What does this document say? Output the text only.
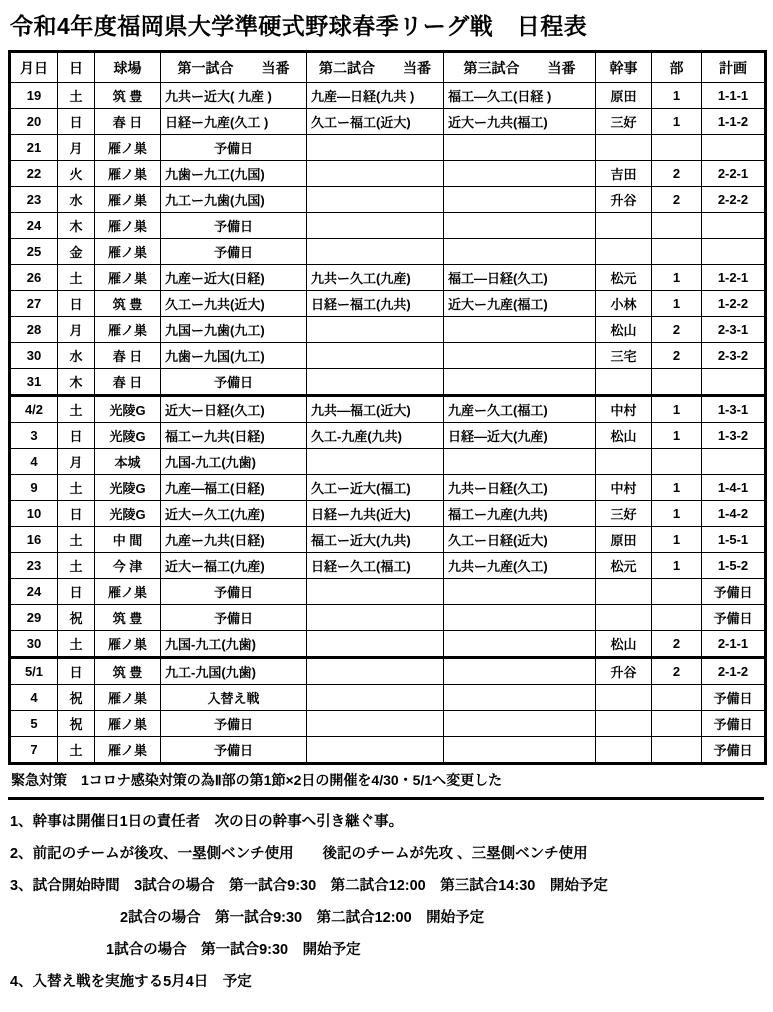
令和4年度福岡県大学準硬式野球春季リーグ戦　日程表
月日	日	球場	第一試合　　当番	第二試合　　当番	第三試合　　当番	幹事	部	計画
19	土	筑 豊	九共ー近大( 九産 )	九産—日経(九共 )	福工—久工(日経 )	原田	1	1-1-1
20	日	春 日	日経ー九産(久工 )	久工ー福工(近大)	近大ー九共(福工)	三好	1	1-1-2
21	月	雁ノ巣	予備日					
22	火	雁ノ巣	九歯ー九工(九国)			吉田	2	2-2-1
23	水	雁ノ巣	九工ー九歯(九国)			升谷	2	2-2-2
24	木	雁ノ巣	予備日					
25	金	雁ノ巣	予備日					
26	土	雁ノ巣	九産ー近大(日経)	九共ー久工(九産)	福工—日経(久工)	松元	1	1-2-1
27	日	筑 豊	久工ー九共(近大)	日経ー福工(九共)	近大ー九産(福工)	小林	1	1-2-2
28	月	雁ノ巣	九国ー九歯(九工)			松山	2	2-3-1
30	水	春 日	九歯ー九国(九工)			三宅	2	2-3-2
31	木	春 日	予備日					
4/2	土	光陵G	近大ー日経(久工)	九共—福工(近大)	九産ー久工(福工)	中村	1	1-3-1
3	日	光陵G	福工ー九共(日経)	久工-九産(九共)	日経—近大(九産)	松山	1	1-3-2
4	月	本城	九国-九工(九歯)					
9	土	光陵G	九産—福工(日経)	久工ー近大(福工)	九共ー日経(久工)	中村	1	1-4-1
10	日	光陵G	近大ー久工(九産)	日経ー九共(近大)	福工ー九産(九共)	三好	1	1-4-2
16	土	中 間	九産ー九共(日経)	福工ー近大(九共)	久工ー日経(近大)	原田	1	1-5-1
23	土	今 津	近大ー福工(九産)	日経ー久工(福工)	九共ー九産(久工)	松元	1	1-5-2
24	日	雁ノ巣	予備日					予備日
29	祝	筑 豊	予備日					予備日
30	土	雁ノ巣	九国-九工(九歯)			松山	2	2-1-1
5/1	日	筑 豊	九工-九国(九歯)			升谷	2	2-1-2
4	祝	雁ノ巣	入替え戦					予備日
5	祝	雁ノ巣	予備日					予備日
7	土	雁ノ巣	予備日					予備日
緊急対策　1コロナ感染対策の為Ⅱ部の第1節×2日の開催を4/30・5/1へ変更した
1、幹事は開催日1日の責任者　次の日の幹事へ引き継ぐ事。
2、前記のチームが後攻、一塁側ベンチ使用　　後記のチームが先攻 、三塁側ベンチ使用
3、試合開始時間　3試合の場合　第一試合9:30　第二試合12:00　第三試合14:30　開始予定
2試合の場合　第一試合9:30　第二試合12:00　開始予定
1試合の場合　第一試合9:30　開始予定
4、入替え戦を実施する5月4日　予定
